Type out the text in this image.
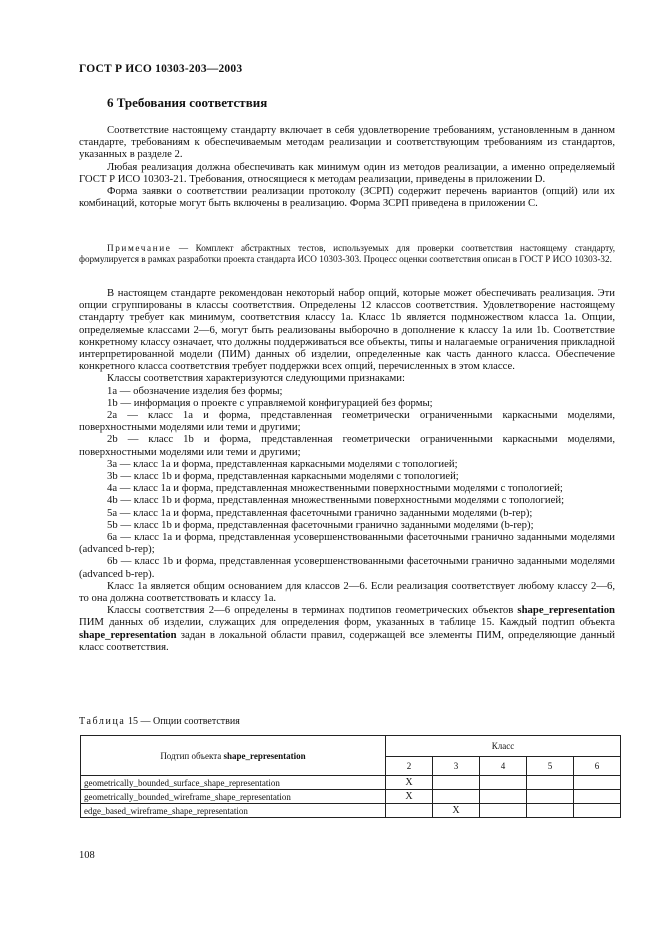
ГОСТ Р ИСО 10303-203—2003
6 Требования соответствия

Соответствие настоящему стандарту включает в себя удовлетворение требованиям, установленным в данном стандарте, требованиям к обеспечиваемым методам реализации и соответствующим требованиям из стандартов, указанных в разделе 2.

Любая реализация должна обеспечивать как минимум один из методов реализации, а именно определяемый ГОСТ Р ИСО 10303-21. Требования, относящиеся к методам реализации, приведены в приложении D.

Форма заявки о соответствии реализации протоколу (ЗСРП) содержит перечень вариантов (опций) или их комбинаций, которые могут быть включены в реализацию. Форма ЗСРП приведена в приложении С.

Примечание — Комплект абстрактных тестов, используемых для проверки соответствия настоящему стандарту, формулируется в рамках разработки проекта стандарта ИСО 10303-303. Процесс оценки соответствия описан в ГОСТ Р ИСО 10303-32.

В настоящем стандарте рекомендован некоторый набор опций, которые может обеспечивать реализация. Эти опции сгруппированы в классы соответствия. Определены 12 классов соответствия. Удовлетворение настоящему стандарту требует как минимум, соответствия классу 1а. Класс 1b является подмножеством класса 1а. Опции, определяемые классами 2—6, могут быть реализованы выборочно в дополнение к классу 1а или 1b. Соответствие конкретному классу означает, что должны поддерживаться все объекты, типы и налагаемые ограничения прикладной интерпретированной модели (ПИМ) данных об изделии, определенные как часть данного класса. Обеспечение конкретного класса соответствия требует поддержки всех опций, перечисленных в этом классе.

Классы соответствия характеризуются следующими признаками:

1а — обозначение изделия без формы;

1b — информация о проекте с управляемой конфигурацией без формы;

2а — класс 1а и форма, представленная геометрически ограниченными каркасными моделями, поверхностными моделями или теми и другими;

2b — класс 1b и форма, представленная геометрически ограниченными каркасными моделями, поверхностными моделями или теми и другими;

3а — класс 1а и форма, представленная каркасными моделями с топологией;

3b — класс 1b и форма, представленная каркасными моделями с топологией;

4а — класс 1а и форма, представленная множественными поверхностными моделями с топологией;

4b — класс 1b и форма, представленная множественными поверхностными моделями с топологией;

5а — класс 1а и форма, представленная фасеточными гранично заданными моделями (b-rep);

5b — класс 1b и форма, представленная фасеточными гранично заданными моделями (b-rep);

6а — класс 1а и форма, представленная усовершенствованными фасеточными гранично заданными моделями (advanced b-rep);

6b — класс 1b и форма, представленная усовершенствованными фасеточными гранично заданными моделями (advanced b-rep).

Класс 1а является общим основанием для классов 2—6. Если реализация соответствует любому классу 2—6, то она должна соответствовать и классу 1а.

Классы соответствия 2—6 определены в терминах подтипов геометрических объектов shape_representation ПИМ данных об изделии, служащих для определения форм, указанных в таблице 15. Каждый подтип объекта shape_representation задан в локальной области правил, содержащей все элементы ПИМ, определяющие данный класс соответствия.

Таблица 15 — Опции соответствия
Подтип объекта shape_representation	Класс				
	2	3	4	5	6
geometrically_bounded_surface_shape_representation	X				
geometrically_bounded_wireframe_shape_representation	X				
edge_based_wireframe_shape_representation		X			
108
